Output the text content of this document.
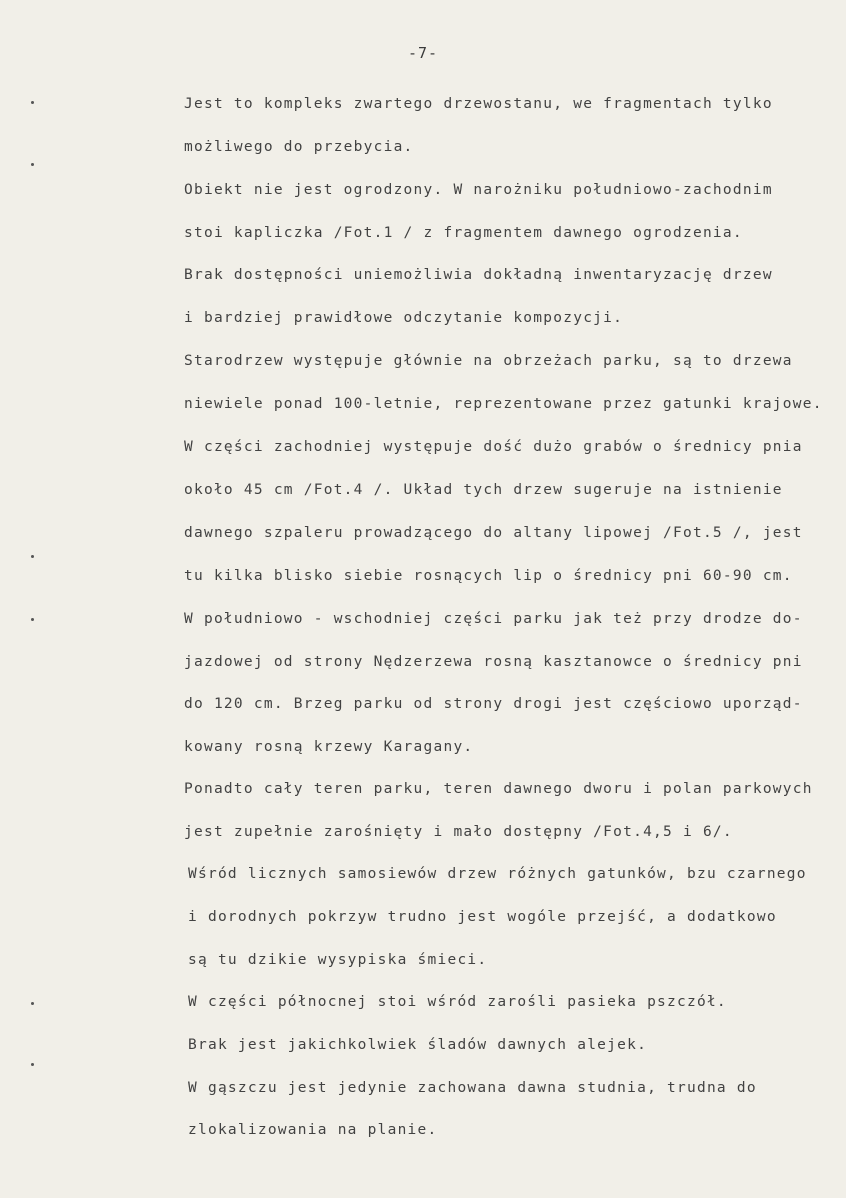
-7-
Jest to kompleks zwartego drzewostanu, we fragmentach tylko
możliwego do przebycia.
Obiekt nie jest ogrodzony. W narożniku południowo-zachodnim
stoi kapliczka /Fot.1 / z fragmentem dawnego ogrodzenia.
Brak dostępności uniemożliwia dokładną inwentaryzację drzew
i bardziej prawidłowe odczytanie kompozycji.
Starodrzew występuje głównie na obrzeżach parku, są to drzewa
niewiele ponad 100-letnie, reprezentowane przez gatunki krajowe.
W części zachodniej występuje dość dużo grabów o średnicy pnia
około 45 cm /Fot.4 /. Układ tych drzew sugeruje na istnienie
dawnego szpaleru prowadzącego do altany lipowej /Fot.5 /, jest
tu kilka blisko siebie rosnących lip o średnicy pni 60-90 cm.
W południowo - wschodniej części parku jak też przy drodze do-
jazdowej od strony Nędzerzewa rosną kasztanowce o średnicy pni
do 120 cm. Brzeg parku od strony drogi jest częściowo uporząd-
kowany rosną krzewy Karagany.
Ponadto cały teren parku, teren dawnego dworu i polan parkowych
jest zupełnie zarośnięty i mało dostępny /Fot.4,5 i 6/.
Wśród licznych samosiewów drzew różnych gatunków, bzu czarnego
i dorodnych pokrzyw trudno jest wogóle przejść, a dodatkowo
są tu dzikie wysypiska śmieci.
W części północnej stoi wśród zarośli pasieka pszczół.
Brak jest jakichkolwiek śladów dawnych alejek.
W gąszczu jest jedynie zachowana dawna studnia, trudna do
zlokalizowania na planie.
